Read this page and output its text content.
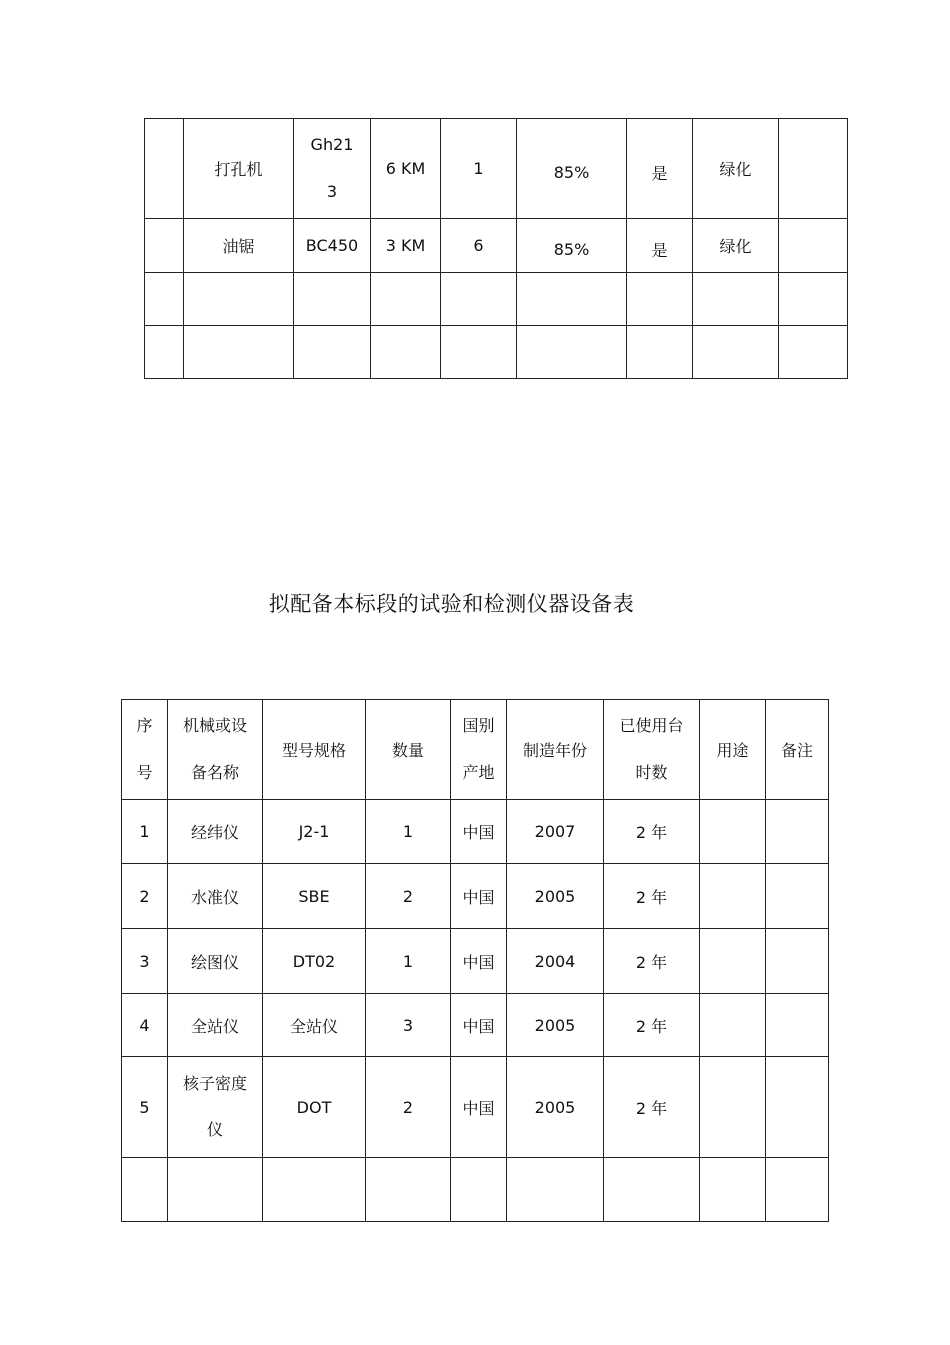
	打孔机	Gh21 3	6 KM	1	85%	是	绿化	
	油锯	BC450	3 KM	6	85%	是	绿化	

拟配备本标段的试验和检测仪器设备表
序号	机械或设备名称	型号规格	数量	国别产地	制造年份	已使用台时数	用途	备注
1	经纬仪	J2-1	1	中国	2007	2 年		
2	水准仪	SBE	2	中国	2005	2 年		
3	绘图仪	DT02	1	中国	2004	2 年		
4	全站仪	全站仪	3	中国	2005	2 年		
5	核子密度仪	DOT	2	中国	2005	2 年		
